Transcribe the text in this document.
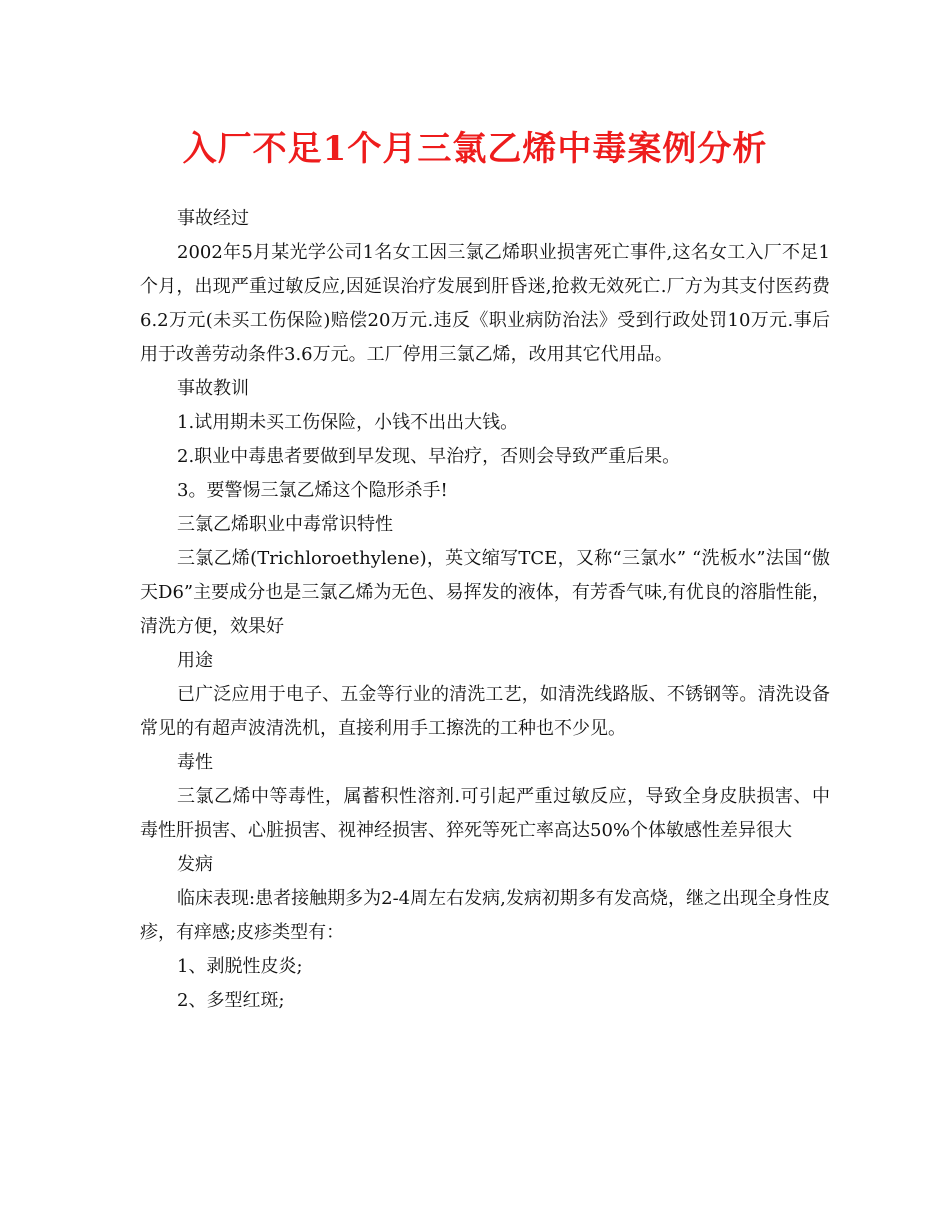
入厂不足1个月三氯乙烯中毒案例分析

事故经过

2002年5月某光学公司1名女工因三氯乙烯职业损害死亡事件,这名女工入厂不足1个月，出现严重过敏反应,因延误治疗发展到肝昏迷,抢救无效死亡.厂方为其支付医药费6.2万元(未买工伤保险)赔偿20万元.违反《职业病防治法》受到行政处罚10万元.事后用于改善劳动条件3.6万元。工厂停用三氯乙烯，改用其它代用品。

事故教训

1.试用期未买工伤保险，小钱不出出大钱。

2.职业中毒患者要做到早发现、早治疗，否则会导致严重后果。

3。要警惕三氯乙烯这个隐形杀手!

三氯乙烯职业中毒常识特性

三氯乙烯(Trichloroethylene)，英文缩写TCE，又称“三氯水” “洗板水”法国“傲天D6”主要成分也是三氯乙烯为无色、易挥发的液体，有芳香气味,有优良的溶脂性能，清洗方便，效果好

用途

已广泛应用于电子、五金等行业的清洗工艺，如清洗线路版、不锈钢等。清洗设备常见的有超声波清洗机，直接利用手工擦洗的工种也不少见。

毒性

三氯乙烯中等毒性，属蓄积性溶剂.可引起严重过敏反应，导致全身皮肤损害、中毒性肝损害、心脏损害、视神经损害、猝死等死亡率高达50%个体敏感性差异很大

发病

临床表现:患者接触期多为2-4周左右发病,发病初期多有发高烧，继之出现全身性皮疹，有痒感;皮疹类型有：

1、剥脱性皮炎;

2、多型红斑;
